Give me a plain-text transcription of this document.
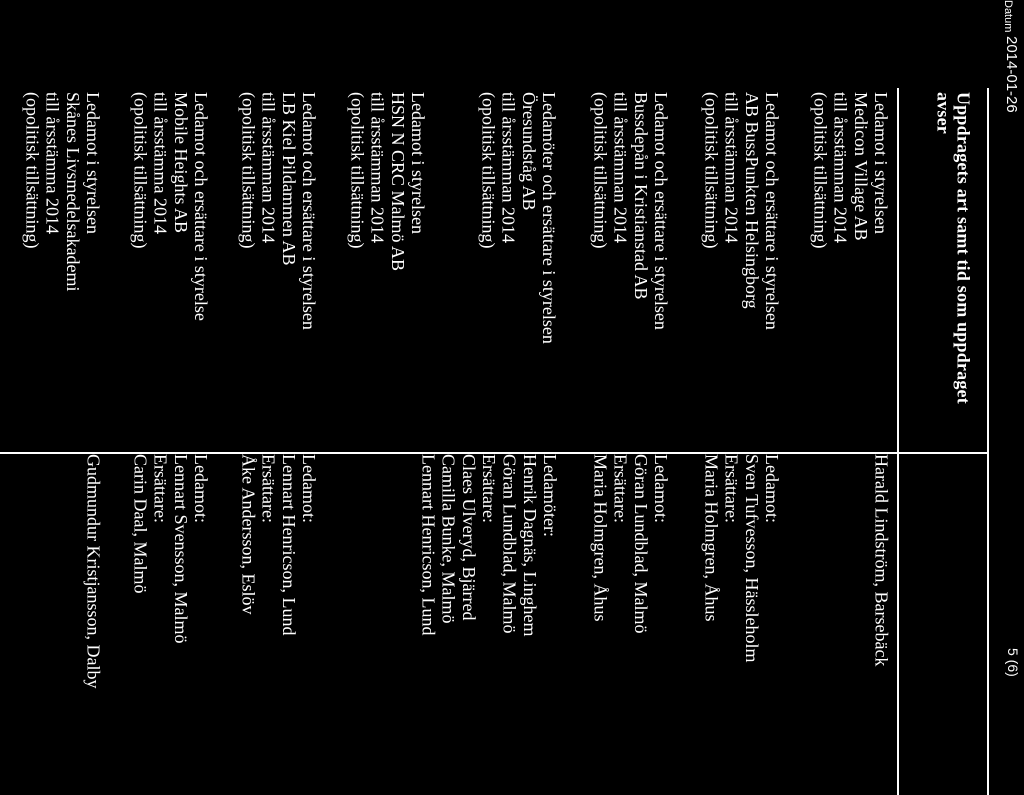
Datum
2014-01-26
5 (6)
Uppdragets art samt tid som uppdraget
avser
Ledamot i styrelsen
Medicon Village AB
till årsstämman 2014
(opolitisk tillsättning)
Harald Lindström, Barsebäck
Ledamot och ersättare i styrelsen
AB BussPunkten Helsingborg
till årsstämman 2014
(opolitisk tillsättning)
Ledamot:
Sven Tufvesson, Hässleholm
Ersättare:
Maria Holmgren, Åhus
Ledamot och ersättare i styrelsen
Bussdepån i Kristianstad AB
till årsstämman 2014
(opolitisk tillsättning)
Ledamot:
Göran Lundblad, Malmö
Ersättare:
Maria Holmgren, Åhus
Ledamöter och ersättare i styrelsen
Öresundståg AB
till årsstämman 2014
(opolitisk tillsättning)
Ledamöter:
Henrik Dagnäs, Linghem
Göran Lundblad, Malmö
Ersättare:
Claes Ulveryd, Bjärred
Camilla Bunke, Malmö
Lennart Henricson, Lund
Ledamot i styrelsen
HSN N CRC Malmö AB
till årsstämman 2014
(opolitisk tillsättning)
Ledamot och ersättare i styrelsen
LB Kiel Pildammen AB
till årsstämman 2014
(opolitisk tillsättning)
Ledamot:
Lennart Henricson, Lund
Ersättare:
Åke Andersson, Eslöv
Ledamot och ersättare i styrelse
Mobile Heights AB
till årsstämma 2014
(opolitisk tillsättning)
Ledamot:
Lennart Svensson, Malmö
Ersättare:
Carin Daal, Malmö
Ledamot i styrelsen
Skånes Livsmedelsakademi
till årsstämma 2014
(opolitisk tillsättning)
Gudmundur Kristjansson, Dalby
